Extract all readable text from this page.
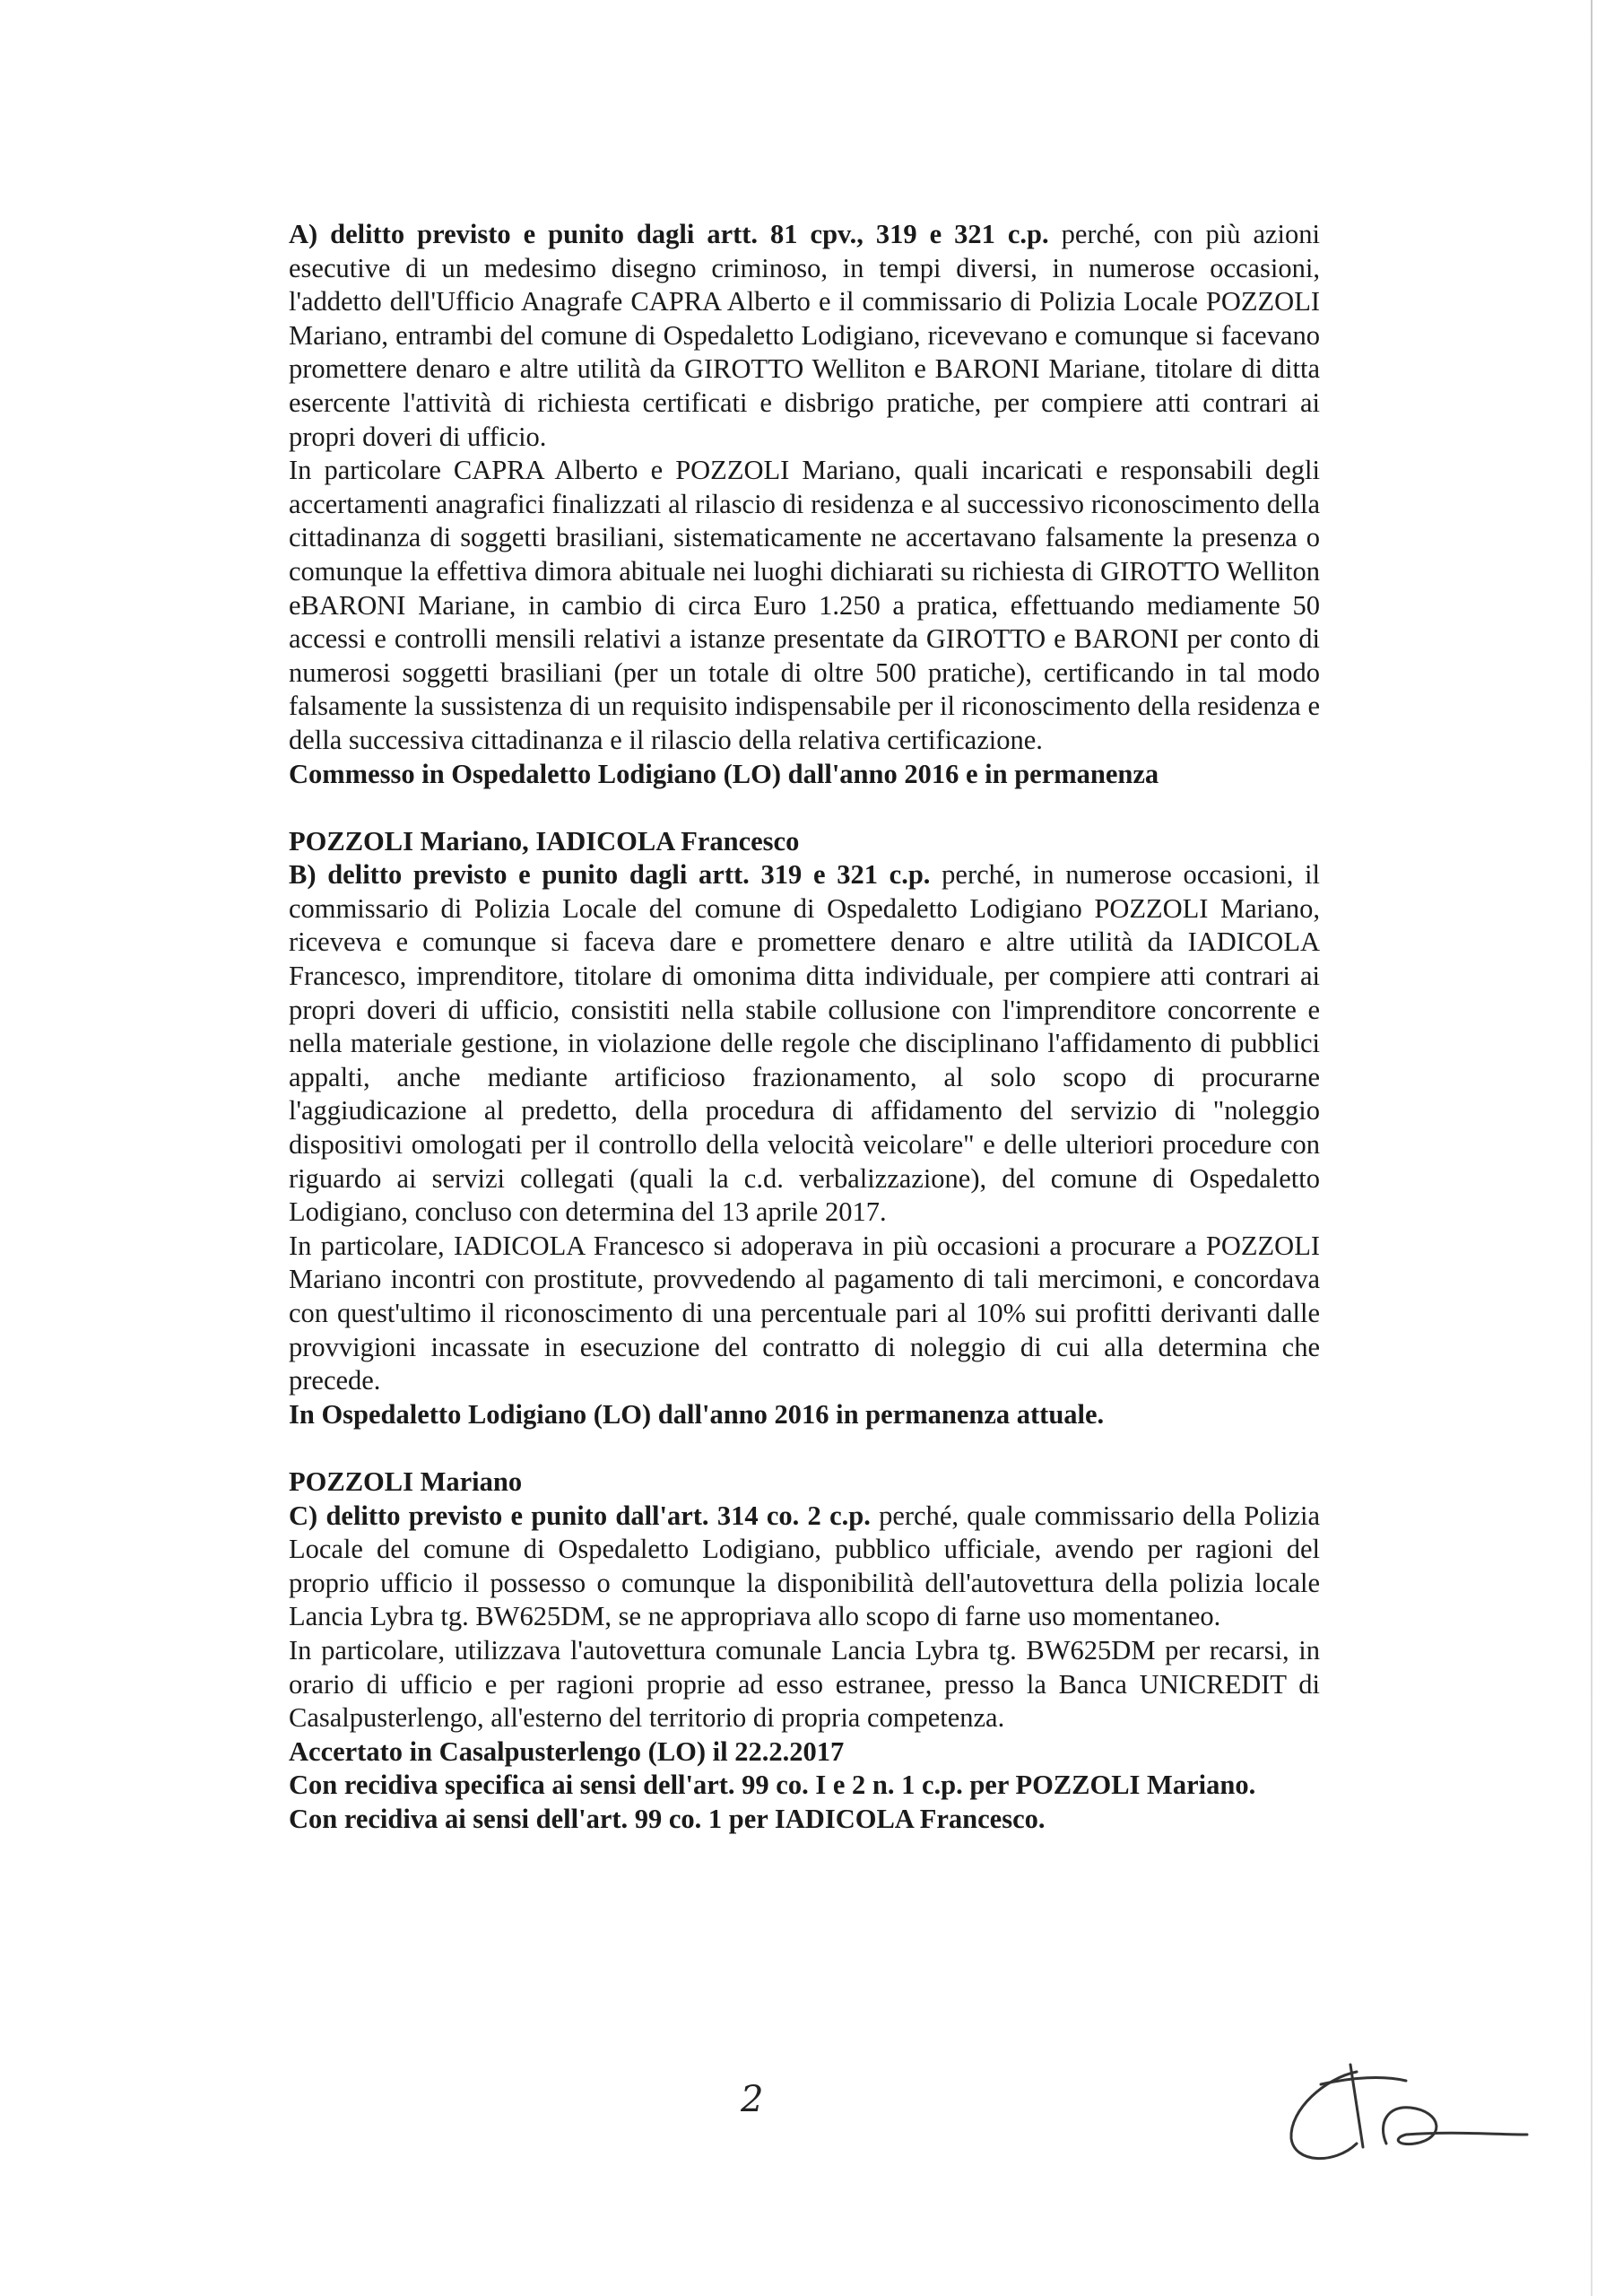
A) delitto previsto e punito dagli artt. 81 cpv., 319 e 321 c.p. perché, con più azioni esecutive di un medesimo disegno criminoso, in tempi diversi, in numerose occasioni, l'addetto dell'Ufficio Anagrafe CAPRA Alberto e il commissario di Polizia Locale POZZOLI Mariano, entrambi del comune di Ospedaletto Lodigiano, ricevevano e comunque si facevano promettere denaro e altre utilità da GIROTTO Welliton e BARONI Mariane, titolare di ditta esercente l'attività di richiesta certificati e disbrigo pratiche, per compiere atti contrari ai propri doveri di ufficio.

In particolare CAPRA Alberto e POZZOLI Mariano, quali incaricati e responsabili degli accertamenti anagrafici finalizzati al rilascio di residenza e al successivo riconoscimento della cittadinanza di soggetti brasiliani, sistematicamente ne accertavano falsamente la presenza o comunque la effettiva dimora abituale nei luoghi dichiarati su richiesta di GIROTTO Welliton eBARONI Mariane, in cambio di circa Euro 1.250 a pratica, effettuando mediamente 50 accessi e controlli mensili relativi a istanze presentate da GIROTTO e BARONI per conto di numerosi soggetti brasiliani (per un totale di oltre 500 pratiche), certificando in tal modo falsamente la sussistenza di un requisito indispensabile per il riconoscimento della residenza e della successiva cittadinanza e il rilascio della relativa certificazione.

Commesso in Ospedaletto Lodigiano (LO) dall'anno 2016 e in permanenza

POZZOLI Mariano, IADICOLA Francesco

B) delitto previsto e punito dagli artt. 319 e 321 c.p. perché, in numerose occasioni, il commissario di Polizia Locale del comune di Ospedaletto Lodigiano POZZOLI Mariano, riceveva e comunque si faceva dare e promettere denaro e altre utilità da IADICOLA Francesco, imprenditore, titolare di omonima ditta individuale, per compiere atti contrari ai propri doveri di ufficio, consistiti nella stabile collusione con l'imprenditore concorrente e nella materiale gestione, in violazione delle regole che disciplinano l'affidamento di pubblici appalti, anche mediante artificioso frazionamento, al solo scopo di procurarne l'aggiudicazione al predetto, della procedura di affidamento del servizio di "noleggio dispositivi omologati per il controllo della velocità veicolare" e delle ulteriori procedure con riguardo ai servizi collegati (quali la c.d. verbalizzazione), del comune di Ospedaletto Lodigiano, concluso con determina del 13 aprile 2017.

In particolare, IADICOLA Francesco si adoperava in più occasioni a procurare a POZZOLI Mariano incontri con prostitute, provvedendo al pagamento di tali mercimoni, e concordava con quest'ultimo il riconoscimento di una percentuale pari al 10% sui profitti derivanti dalle provvigioni incassate in esecuzione del contratto di noleggio di cui alla determina che precede.

In Ospedaletto Lodigiano (LO) dall'anno 2016 in permanenza attuale.

POZZOLI Mariano

C) delitto previsto e punito dall'art. 314 co. 2 c.p. perché, quale commissario della Polizia Locale del comune di Ospedaletto Lodigiano, pubblico ufficiale, avendo per ragioni del proprio ufficio il possesso o comunque la disponibilità dell'autovettura della polizia locale Lancia Lybra tg. BW625DM, se ne appropriava allo scopo di farne uso momentaneo.

In particolare, utilizzava l'autovettura comunale Lancia Lybra tg. BW625DM per recarsi, in orario di ufficio e per ragioni proprie ad esso estranee, presso la Banca UNICREDIT di Casalpusterlengo, all'esterno del territorio di propria competenza.

Accertato in Casalpusterlengo (LO) il 22.2.2017

Con recidiva specifica ai sensi dell'art. 99 co. I e 2 n. 1 c.p. per POZZOLI Mariano.

Con recidiva ai sensi dell'art. 99 co. 1 per IADICOLA Francesco.

2
